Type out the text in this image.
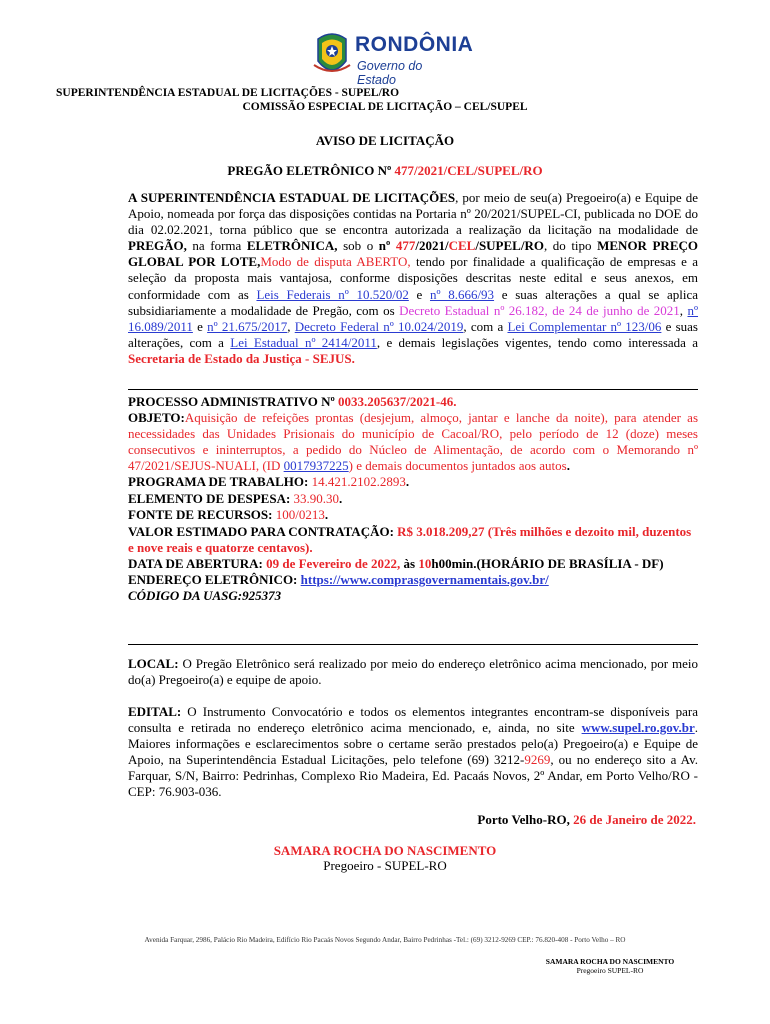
RONDÔNIA
Governo do Estado
SUPERINTENDÊNCIA ESTADUAL DE LICITAÇÕES - SUPEL/RO
COMISSÃO ESPECIAL DE LICITAÇÃO – CEL/SUPEL
AVISO DE LICITAÇÃO
PREGÃO ELETRÔNICO Nº 477/2021/CEL/SUPEL/RO
A SUPERINTENDÊNCIA ESTADUAL DE LICITAÇÕES, por meio de seu(a) Pregoeiro(a) e Equipe de Apoio, nomeada por força das disposições contidas na Portaria nº 20/2021/SUPEL-CI, publicada no DOE do dia 02.02.2021, torna público que se encontra autorizada a realização da licitação na modalidade de PREGÃO, na forma ELETRÔNICA, sob o nº 477/2021/CEL/SUPEL/RO, do tipo MENOR PREÇO GLOBAL POR LOTE,Modo de disputa ABERTO, tendo por finalidade a qualificação de empresas e a seleção da proposta mais vantajosa, conforme disposições descritas neste edital e seus anexos, em conformidade com as Leis Federais nº 10.520/02 e nº 8.666/93 e suas alterações a qual se aplica subsidiariamente a modalidade de Pregão, com os Decreto Estadual nº 26.182, de 24 de junho de 2021, nº 16.089/2011 e nº 21.675/2017, Decreto Federal nº 10.024/2019, com a Lei Complementar nº 123/06 e suas alterações, com a Lei Estadual nº 2414/2011, e demais legislações vigentes, tendo como interessada a Secretaria de Estado da Justiça - SEJUS.
PROCESSO ADMINISTRATIVO Nº 0033.205637/2021-46.
OBJETO:Aquisição de refeições prontas (desjejum, almoço, jantar e lanche da noite), para atender as necessidades das Unidades Prisionais do município de Cacoal/RO, pelo período de 12 (doze) meses consecutivos e ininterruptos, a pedido do Núcleo de Alimentação, de acordo com o Memorando nº 47/2021/SEJUS-NUALI, (ID 0017937225) e demais documentos juntados aos autos.
PROGRAMA DE TRABALHO: 14.421.2102.2893.
ELEMENTO DE DESPESA: 33.90.30.
FONTE DE RECURSOS: 100/0213.
VALOR ESTIMADO PARA CONTRATAÇÃO: R$ 3.018.209,27 (Três milhões e dezoito mil, duzentos e nove reais e quatorze centavos).
DATA DE ABERTURA: 09 de Fevereiro de 2022, às 10h00min.(HORÁRIO DE BRASÍLIA - DF)
ENDEREÇO ELETRÔNICO: https://www.comprasgovernamentais.gov.br/
CÓDIGO DA UASG:925373
LOCAL: O Pregão Eletrônico será realizado por meio do endereço eletrônico acima mencionado, por meio do(a) Pregoeiro(a) e equipe de apoio.
EDITAL: O Instrumento Convocatório e todos os elementos integrantes encontram-se disponíveis para consulta e retirada no endereço eletrônico acima mencionado, e, ainda, no site www.supel.ro.gov.br. Maiores informações e esclarecimentos sobre o certame serão prestados pelo(a) Pregoeiro(a) e Equipe de Apoio, na Superintendência Estadual Licitações, pelo telefone (69) 3212-9269, ou no endereço sito a Av. Farquar, S/N, Bairro: Pedrinhas, Complexo Rio Madeira, Ed. Pacaás Novos, 2º Andar, em Porto Velho/RO - CEP: 76.903-036.
Porto Velho-RO, 26 de Janeiro de 2022.
SAMARA ROCHA DO NASCIMENTO
Pregoeiro - SUPEL-RO
Avenida Farquar, 2986, Palácio Rio Madeira, Edifício Rio Pacaás Novos Segundo Andar, Bairro Pedrinhas -Tel.: (69) 3212-9269 CEP.: 76.820-408 - Porto Velho – RO
SAMARA ROCHA DO NASCIMENTO
Pregoeiro SUPEL-RO
